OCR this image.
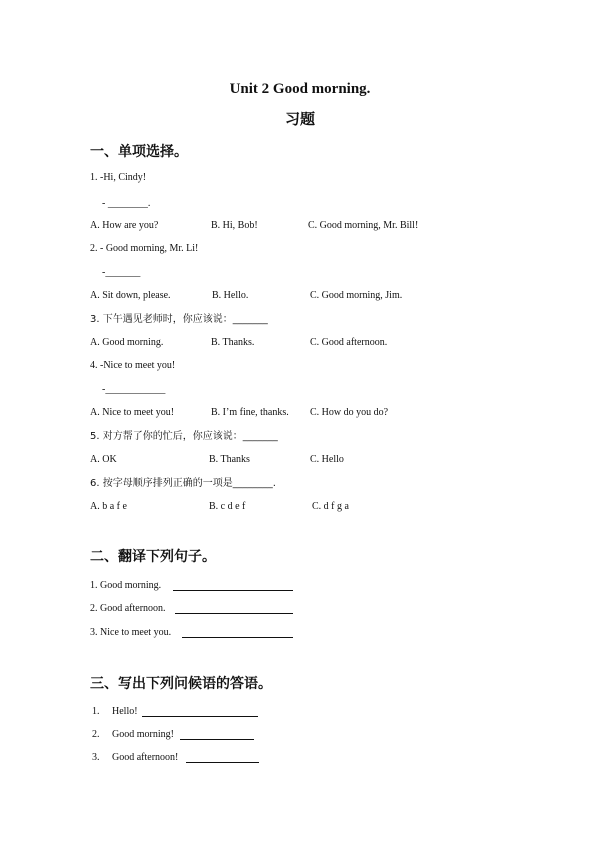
Unit 2 Good morning.
习题
一、单项选择。
1. -Hi, Cindy!
- ________.
A. How are you?	B. Hi, Bob!	C. Good morning, Mr. Bill!
2. - Good morning, Mr. Li!
-_______
A. Sit down, please.	B. Hello.	C. Good morning, Jim.
3. 下午遇见老师时，你应该说：_______
A. Good morning.	B. Thanks.	C. Good afternoon.
4. -Nice to meet you!
-____________
A. Nice to meet you!	B. I’m fine, thanks. C. How do you do?
5. 对方帮了你的忙后，你应该说：_______
A. OK	B. Thanks	C. Hello
6. 按字母顺序排列正确的一项是________.
A. b a f e	B. c d e f	C. d f g a
二、翻译下列句子。
1. Good morning.
2. Good afternoon.
3. Nice to meet you.
三、写出下列问候语的答语。
1. Hello!
2. Good morning!
3. Good afternoon!
